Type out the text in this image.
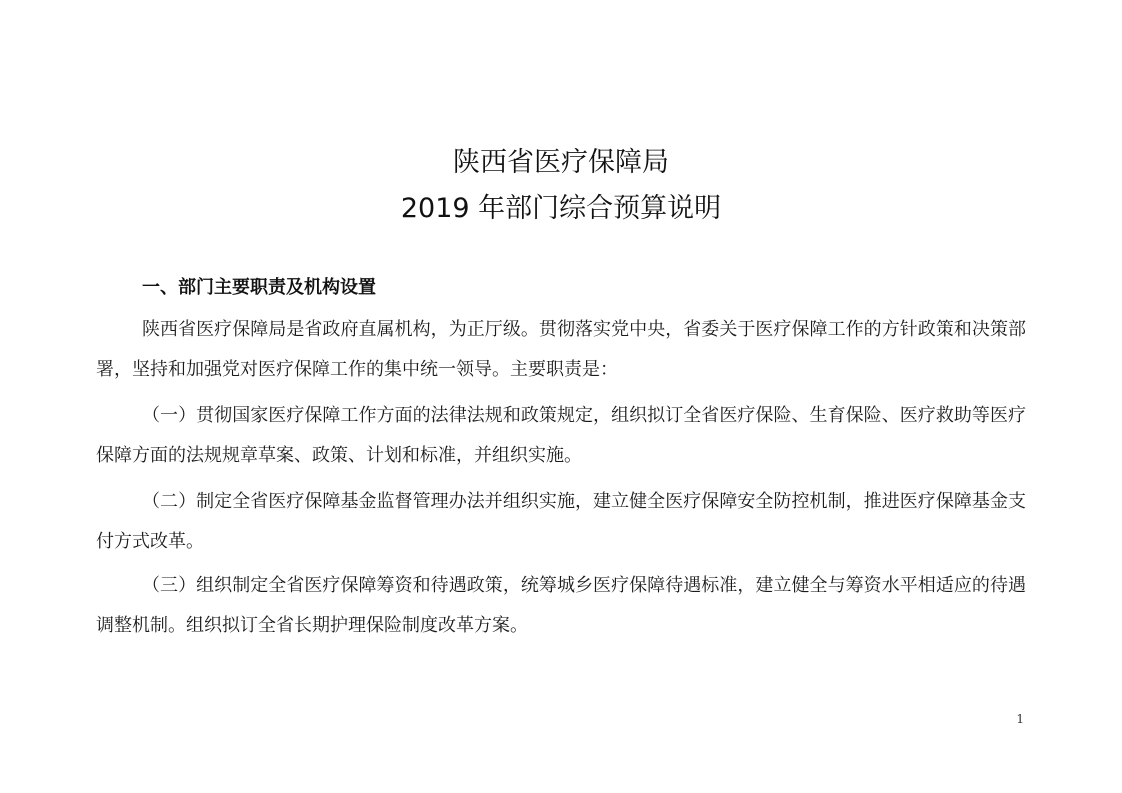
陕西省医疗保障局
2019 年部门综合预算说明
一、部门主要职责及机构设置

陕西省医疗保障局是省政府直属机构，为正厅级。贯彻落实党中央，省委关于医疗保障工作的方针政策和决策部署，坚持和加强党对医疗保障工作的集中统一领导。主要职责是：

（一）贯彻国家医疗保障工作方面的法律法规和政策规定，组织拟订全省医疗保险、生育保险、医疗救助等医疗保障方面的法规规章草案、政策、计划和标准，并组织实施。

（二）制定全省医疗保障基金监督管理办法并组织实施，建立健全医疗保障安全防控机制，推进医疗保障基金支付方式改革。

（三）组织制定全省医疗保障筹资和待遇政策，统筹城乡医疗保障待遇标准，建立健全与筹资水平相适应的待遇调整机制。组织拟订全省长期护理保险制度改革方案。

1
